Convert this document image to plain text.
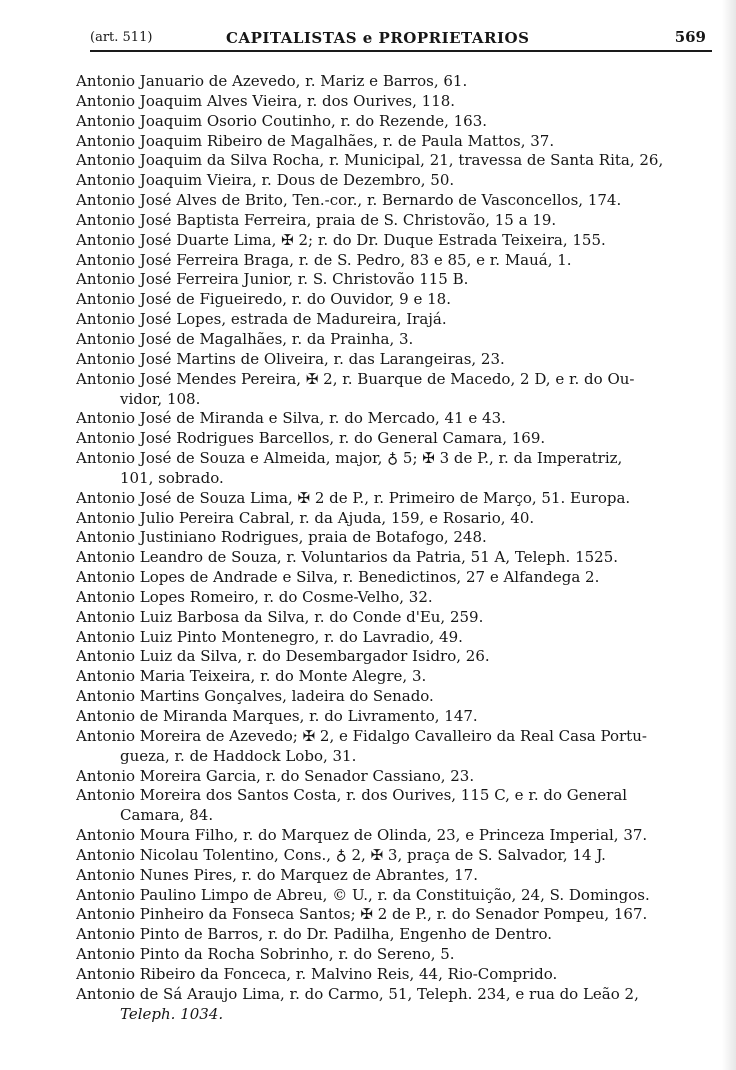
(art. 511)	CAPITALISTAS e PROPRIETARIOS	569
Antonio Januario de Azevedo, r. Mariz e Barros, 61.
Antonio Joaquim Alves Vieira, r. dos Ourives, 118.
Antonio Joaquim Osorio Coutinho, r. do Rezende, 163.
Antonio Joaquim Ribeiro de Magalhães, r. de Paula Mattos, 37.
Antonio Joaquim da Silva Rocha, r. Municipal, 21, travessa de Santa Rita, 26,
Antonio Joaquim Vieira, r. Dous de Dezembro, 50.
Antonio José Alves de Brito, Ten.-cor., r. Bernardo de Vasconcellos, 174.
Antonio José Baptista Ferreira, praia de S. Christovão, 15 a 19.
Antonio José Duarte Lima, ✠ 2; r. do Dr. Duque Estrada Teixeira, 155.
Antonio José Ferreira Braga, r. de S. Pedro, 83 e 85, e r. Mauá, 1.
Antonio José Ferreira Junior, r. S. Christovão 115 B.
Antonio José de Figueiredo, r. do Ouvidor, 9 e 18.
Antonio José Lopes, estrada de Madureira, Irajá.
Antonio José de Magalhães, r. da Prainha, 3.
Antonio José Martins de Oliveira, r. das Larangeiras, 23.
Antonio José Mendes Pereira, ✠ 2, r. Buarque de Macedo, 2 D, e r. do Ou-
vidor, 108.
Antonio José de Miranda e Silva, r. do Mercado, 41 e 43.
Antonio José Rodrigues Barcellos, r. do General Camara, 169.
Antonio José de Souza e Almeida, major, ♁ 5; ✠ 3 de P., r. da Imperatriz,
101, sobrado.
Antonio José de Souza Lima, ✠ 2 de P., r. Primeiro de Março, 51. Europa.
Antonio Julio Pereira Cabral, r. da Ajuda, 159, e Rosario, 40.
Antonio Justiniano Rodrigues, praia de Botafogo, 248.
Antonio Leandro de Souza, r. Voluntarios da Patria, 51 A, Teleph. 1525.
Antonio Lopes de Andrade e Silva, r. Benedictinos, 27 e Alfandega 2.
Antonio Lopes Romeiro, r. do Cosme-Velho, 32.
Antonio Luiz Barbosa da Silva, r. do Conde d'Eu, 259.
Antonio Luiz Pinto Montenegro, r. do Lavradio, 49.
Antonio Luiz da Silva, r. do Desembargador Isidro, 26.
Antonio Maria Teixeira, r. do Monte Alegre, 3.
Antonio Martins Gonçalves, ladeira do Senado.
Antonio de Miranda Marques, r. do Livramento, 147.
Antonio Moreira de Azevedo; ✠ 2, e Fidalgo Cavalleiro da Real Casa Portu-
gueza, r. de Haddock Lobo, 31.
Antonio Moreira Garcia, r. do Senador Cassiano, 23.
Antonio Moreira dos Santos Costa, r. dos Ourives, 115 C, e r. do General
Camara, 84.
Antonio Moura Filho, r. do Marquez de Olinda, 23, e Princeza Imperial, 37.
Antonio Nicolau Tolentino, Cons., ♁ 2, ✠ 3, praça de S. Salvador, 14 J.
Antonio Nunes Pires, r. do Marquez de Abrantes, 17.
Antonio Paulino Limpo de Abreu, © U., r. da Constituição, 24, S. Domingos.
Antonio Pinheiro da Fonseca Santos; ✠ 2 de P., r. do Senador Pompeu, 167.
Antonio Pinto de Barros, r. do Dr. Padilha, Engenho de Dentro.
Antonio Pinto da Rocha Sobrinho, r. do Sereno, 5.
Antonio Ribeiro da Fonceca, r. Malvino Reis, 44, Rio-Comprido.
Antonio de Sá Araujo Lima, r. do Carmo, 51, Teleph. 234, e rua do Leão 2,
Teleph. 1034.
